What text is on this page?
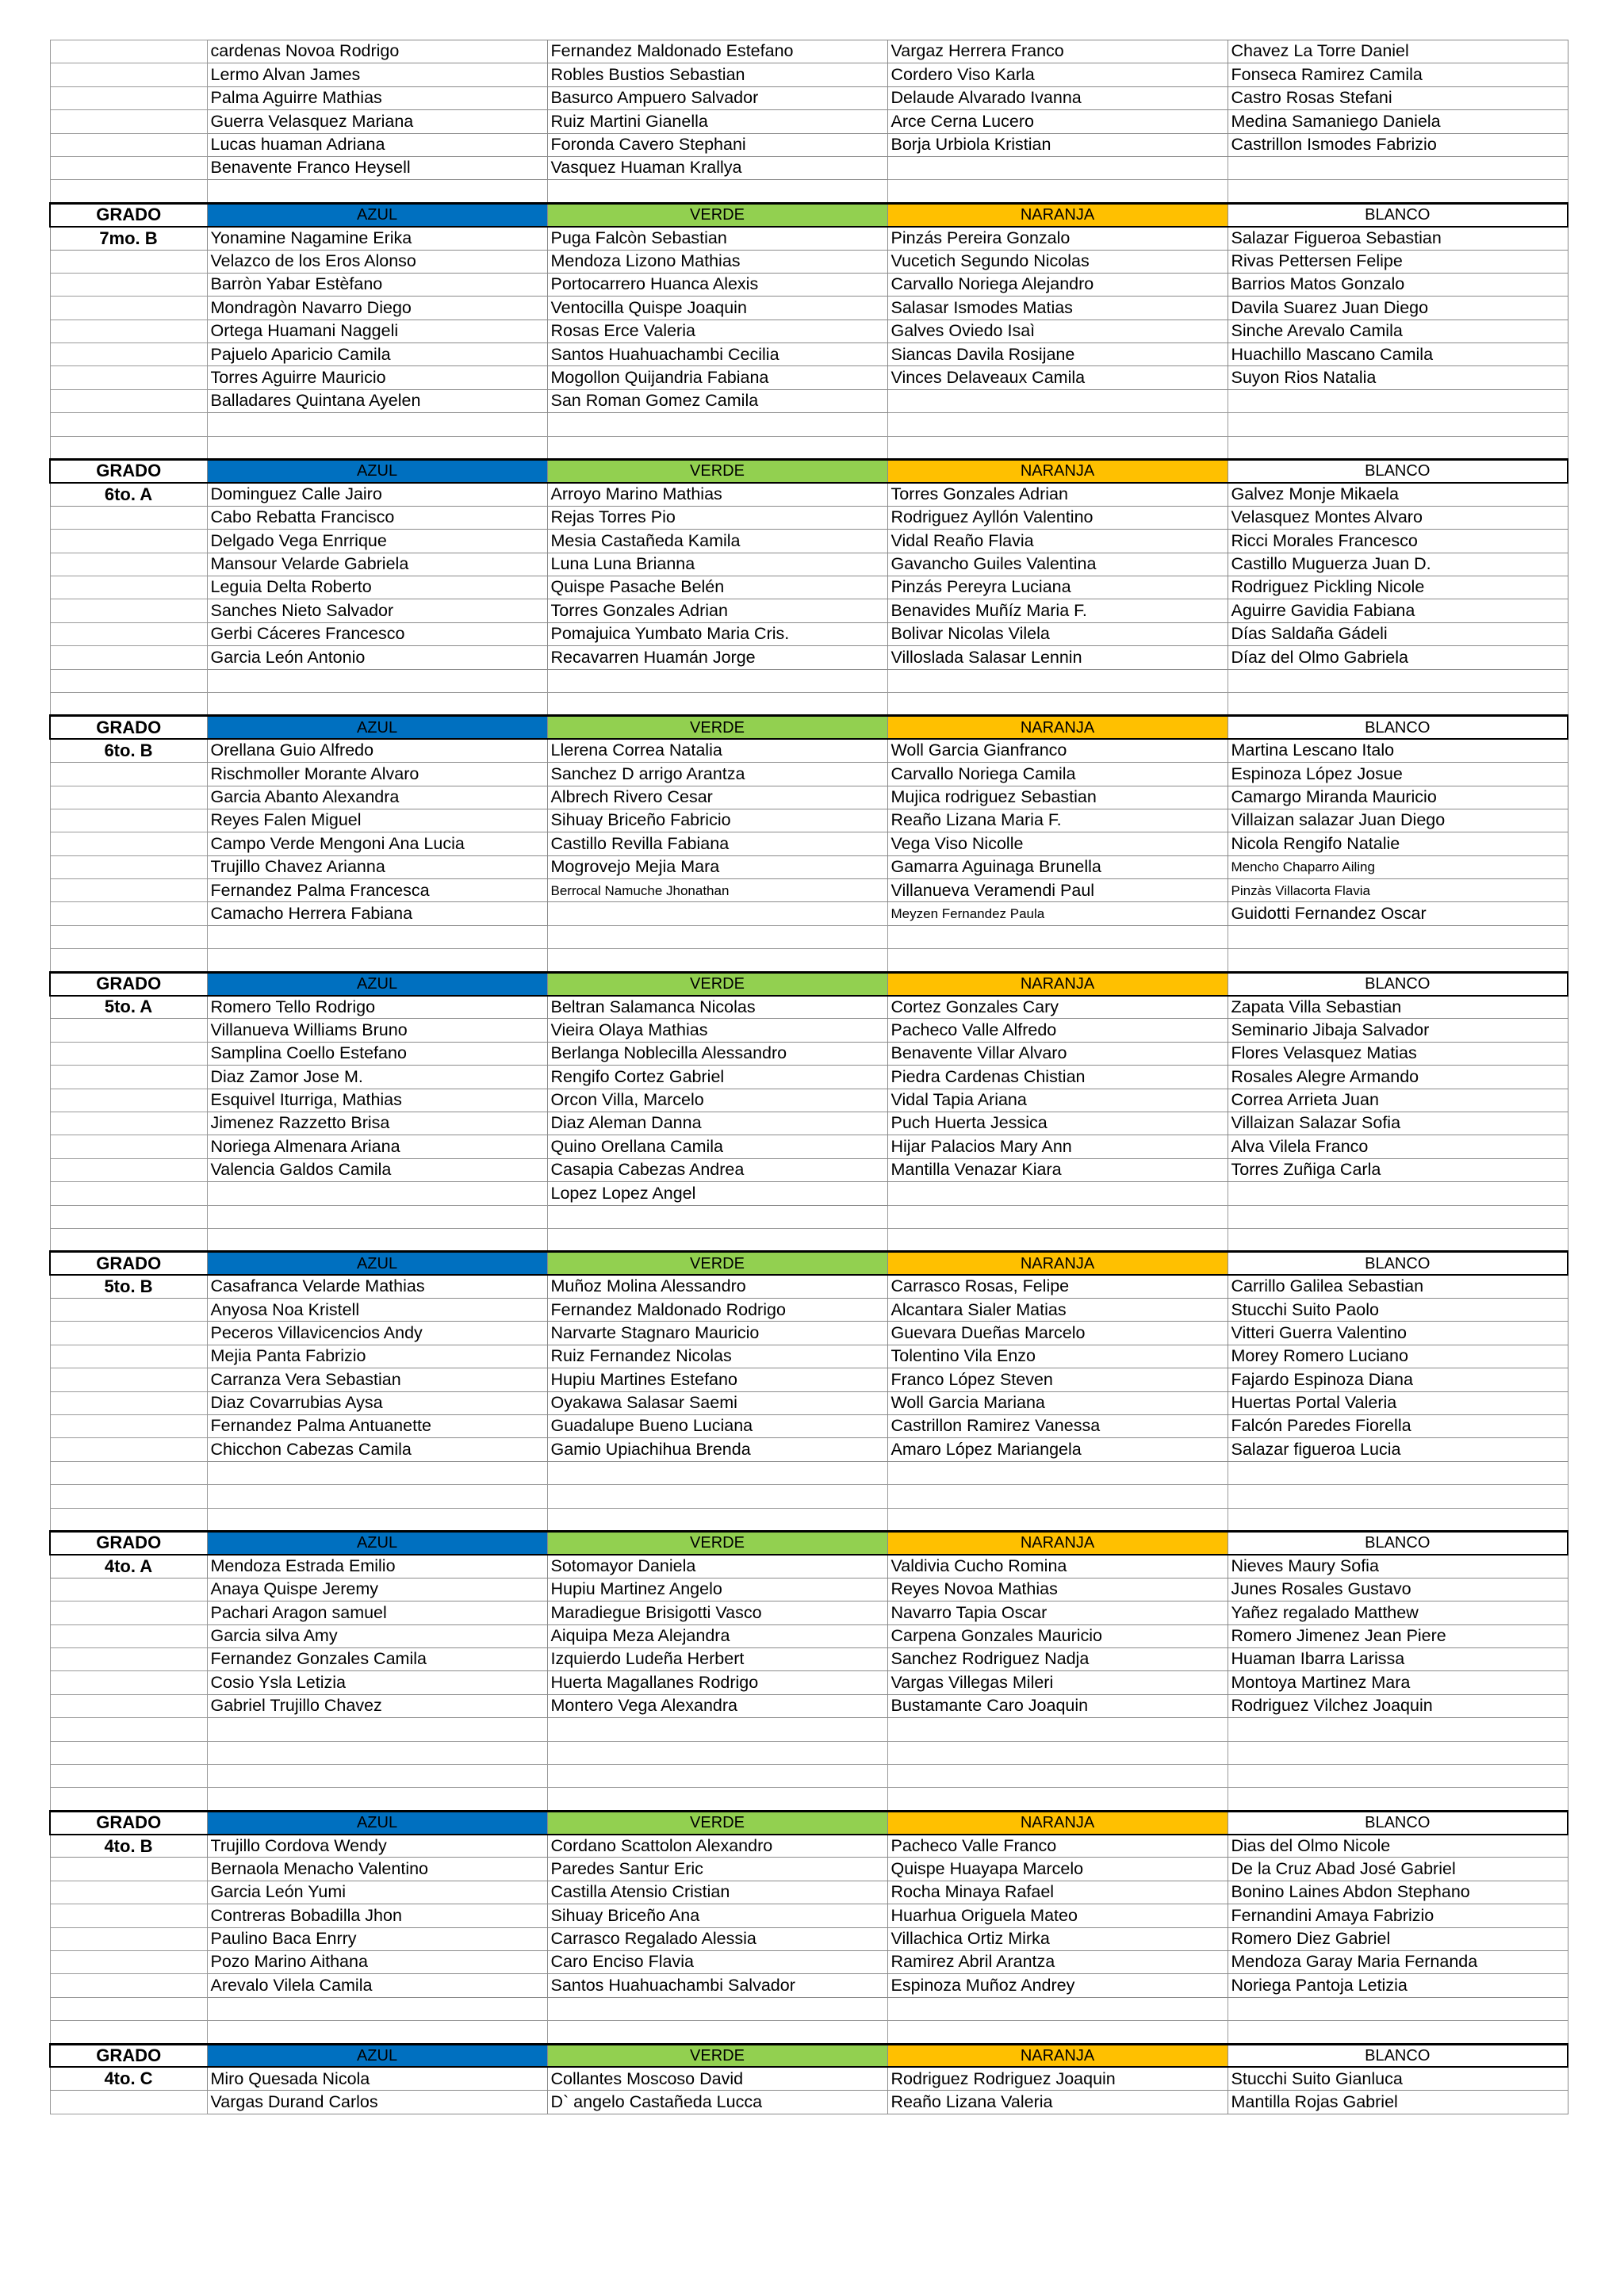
	cardenas Novoa Rodrigo	Fernandez Maldonado Estefano	Vargaz Herrera Franco	Chavez La Torre Daniel
	Lermo Alvan James	Robles Bustios Sebastian	Cordero Viso Karla	Fonseca Ramirez Camila
	Palma Aguirre Mathias	Basurco Ampuero Salvador	Delaude Alvarado Ivanna	Castro Rosas Stefani
	Guerra Velasquez Mariana	Ruiz Martini Gianella	Arce Cerna Lucero	Medina Samaniego Daniela
	Lucas huaman Adriana	Foronda Cavero Stephani	Borja Urbiola Kristian	Castrillon Ismodes Fabrizio
	Benavente Franco Heysell	Vasquez Huaman Krallya		

GRADO	AZUL	VERDE	NARANJA	BLANCO
7mo. B	Yonamine Nagamine Erika	Puga Falcòn Sebastian	Pinzás Pereira Gonzalo	Salazar Figueroa Sebastian
	Velazco de los Eros Alonso	Mendoza Lizono Mathias	Vucetich Segundo Nicolas	Rivas Pettersen Felipe
	Barròn Yabar Estèfano	Portocarrero Huanca Alexis	Carvallo Noriega Alejandro	Barrios Matos Gonzalo
	Mondragòn Navarro Diego	Ventocilla Quispe Joaquin	Salasar Ismodes Matias	Davila Suarez Juan Diego
	Ortega Huamani Naggeli	Rosas Erce Valeria	Galves Oviedo Isaì	Sinche Arevalo Camila
	Pajuelo Aparicio Camila	Santos Huahuachambi Cecilia	Siancas Davila Rosijane	Huachillo Mascano Camila
	Torres Aguirre Mauricio	Mogollon Quijandria Fabiana	Vinces Delaveaux Camila	Suyon Rios Natalia
	Balladares Quintana Ayelen	San Roman Gomez Camila		

GRADO	AZUL	VERDE	NARANJA	BLANCO
6to. A	Dominguez Calle Jairo	Arroyo Marino Mathias	Torres Gonzales Adrian	Galvez Monje Mikaela
	Cabo Rebatta Francisco	Rejas Torres Pio	Rodriguez Ayllón Valentino	Velasquez Montes Alvaro
	Delgado Vega Enrrique	Mesia Castañeda Kamila	Vidal Reaño Flavia	Ricci Morales Francesco
	Mansour Velarde Gabriela	Luna Luna Brianna	Gavancho Guiles Valentina	Castillo Muguerza Juan D.
	Leguia Delta Roberto	Quispe Pasache Belén	Pinzás Pereyra Luciana	Rodriguez Pickling Nicole
	Sanches Nieto Salvador	Torres Gonzales Adrian	Benavides Muñíz Maria F.	Aguirre Gavidia Fabiana
	Gerbi Cáceres Francesco	Pomajuica Yumbato Maria Cris.	Bolivar Nicolas Vilela	Días Saldaña Gádeli
	Garcia León Antonio	Recavarren Huamán Jorge	Villoslada Salasar Lennin	Díaz del Olmo Gabriela

GRADO	AZUL	VERDE	NARANJA	BLANCO
6to. B	Orellana Guio Alfredo	Llerena Correa Natalia	Woll Garcia Gianfranco	Martina Lescano Italo
	Rischmoller Morante Alvaro	Sanchez D arrigo Arantza	Carvallo Noriega Camila	Espinoza López Josue
	Garcia Abanto Alexandra	Albrech Rivero Cesar	Mujica rodriguez Sebastian	Camargo Miranda Mauricio
	Reyes Falen Miguel	Sihuay Briceño Fabricio	Reaño Lizana Maria F.	Villaizan salazar Juan Diego
	Campo Verde Mengoni Ana Lucia	Castillo Revilla Fabiana	Vega Viso Nicolle	Nicola Rengifo Natalie
	Trujillo Chavez Arianna	Mogrovejo Mejia Mara	Gamarra Aguinaga Brunella	Mencho Chaparro Ailing
	Fernandez Palma Francesca	Berrocal Namuche Jhonathan	Villanueva Veramendi Paul	Pinzàs Villacorta Flavia
	Camacho Herrera Fabiana		Meyzen Fernandez Paula	Guidotti Fernandez Oscar

GRADO	AZUL	VERDE	NARANJA	BLANCO
5to. A	Romero Tello Rodrigo	Beltran Salamanca Nicolas	Cortez Gonzales Cary	Zapata Villa Sebastian
	Villanueva Williams Bruno	Vieira Olaya Mathias	Pacheco Valle Alfredo	Seminario Jibaja Salvador
	Samplina Coello Estefano	Berlanga Noblecilla Alessandro	Benavente Villar Alvaro	Flores Velasquez Matias
	Diaz Zamor Jose M.	Rengifo Cortez Gabriel	Piedra Cardenas Chistian	Rosales Alegre Armando
	Esquivel Iturriga, Mathias	Orcon Villa, Marcelo	Vidal Tapia Ariana	Correa Arrieta Juan
	Jimenez Razzetto Brisa	Diaz Aleman Danna	Puch Huerta Jessica	Villaizan Salazar Sofia
	Noriega Almenara Ariana	Quino Orellana Camila	Hijar Palacios Mary Ann	Alva Vilela Franco
	Valencia Galdos Camila	Casapia Cabezas Andrea	Mantilla Venazar Kiara	Torres Zuñiga Carla
		Lopez Lopez Angel		

GRADO	AZUL	VERDE	NARANJA	BLANCO
5to. B	Casafranca Velarde Mathias	Muñoz Molina Alessandro	Carrasco Rosas, Felipe	Carrillo Galilea Sebastian
	Anyosa Noa Kristell	Fernandez Maldonado Rodrigo	Alcantara Sialer Matias	Stucchi Suito Paolo
	Peceros Villavicencios Andy	Narvarte Stagnaro Mauricio	Guevara Dueñas Marcelo	Vitteri Guerra Valentino
	Mejia Panta Fabrizio	Ruiz Fernandez Nicolas	Tolentino Vila Enzo	Morey Romero Luciano
	Carranza Vera Sebastian	Hupiu Martines Estefano	Franco López Steven	Fajardo Espinoza Diana
	Diaz Covarrubias Aysa	Oyakawa Salasar Saemi	Woll Garcia Mariana	Huertas Portal Valeria
	Fernandez Palma Antuanette	Guadalupe Bueno Luciana	Castrillon Ramirez Vanessa	Falcón Paredes Fiorella
	Chicchon Cabezas Camila	Gamio Upiachihua Brenda	Amaro López Mariangela	Salazar figueroa Lucia

GRADO	AZUL	VERDE	NARANJA	BLANCO
4to. A	Mendoza Estrada Emilio	Sotomayor Daniela	Valdivia Cucho Romina	Nieves Maury Sofia
	Anaya Quispe Jeremy	Hupiu Martinez Angelo	Reyes Novoa Mathias	Junes Rosales Gustavo
	Pachari Aragon samuel	Maradiegue Brisigotti Vasco	Navarro Tapia Oscar	Yañez regalado Matthew
	Garcia silva Amy	Aiquipa Meza Alejandra	Carpena Gonzales Mauricio	Romero Jimenez Jean Piere
	Fernandez Gonzales Camila	Izquierdo Ludeña Herbert	Sanchez Rodriguez Nadja	Huaman Ibarra Larissa
	Cosio Ysla Letizia	Huerta Magallanes Rodrigo	Vargas Villegas Mileri	Montoya Martinez Mara
	Gabriel Trujillo Chavez	Montero Vega Alexandra	Bustamante Caro Joaquin	Rodriguez Vilchez Joaquin

GRADO	AZUL	VERDE	NARANJA	BLANCO
4to. B	Trujillo Cordova Wendy	Cordano Scattolon Alexandro	Pacheco Valle Franco	Dias del Olmo Nicole
	Bernaola Menacho Valentino	Paredes Santur Eric	Quispe Huayapa Marcelo	De la Cruz Abad José Gabriel
	Garcia León Yumi	Castilla Atensio Cristian	Rocha Minaya Rafael	Bonino Laines Abdon Stephano
	Contreras Bobadilla Jhon	Sihuay Briceño Ana	Huarhua Origuela Mateo	Fernandini Amaya Fabrizio
	Paulino Baca Enrry	Carrasco Regalado Alessia	Villachica Ortiz Mirka	Romero Diez Gabriel
	Pozo Marino Aithana	Caro Enciso Flavia	Ramirez Abril Arantza	Mendoza Garay Maria Fernanda
	Arevalo Vilela Camila	Santos Huahuachambi Salvador	Espinoza Muñoz Andrey	Noriega Pantoja Letizia

GRADO	AZUL	VERDE	NARANJA	BLANCO
4to. C	Miro Quesada Nicola	Collantes Moscoso David	Rodriguez Rodriguez Joaquin	Stucchi Suito Gianluca
	Vargas Durand Carlos	D` angelo Castañeda Lucca	Reaño Lizana Valeria	Mantilla Rojas Gabriel
